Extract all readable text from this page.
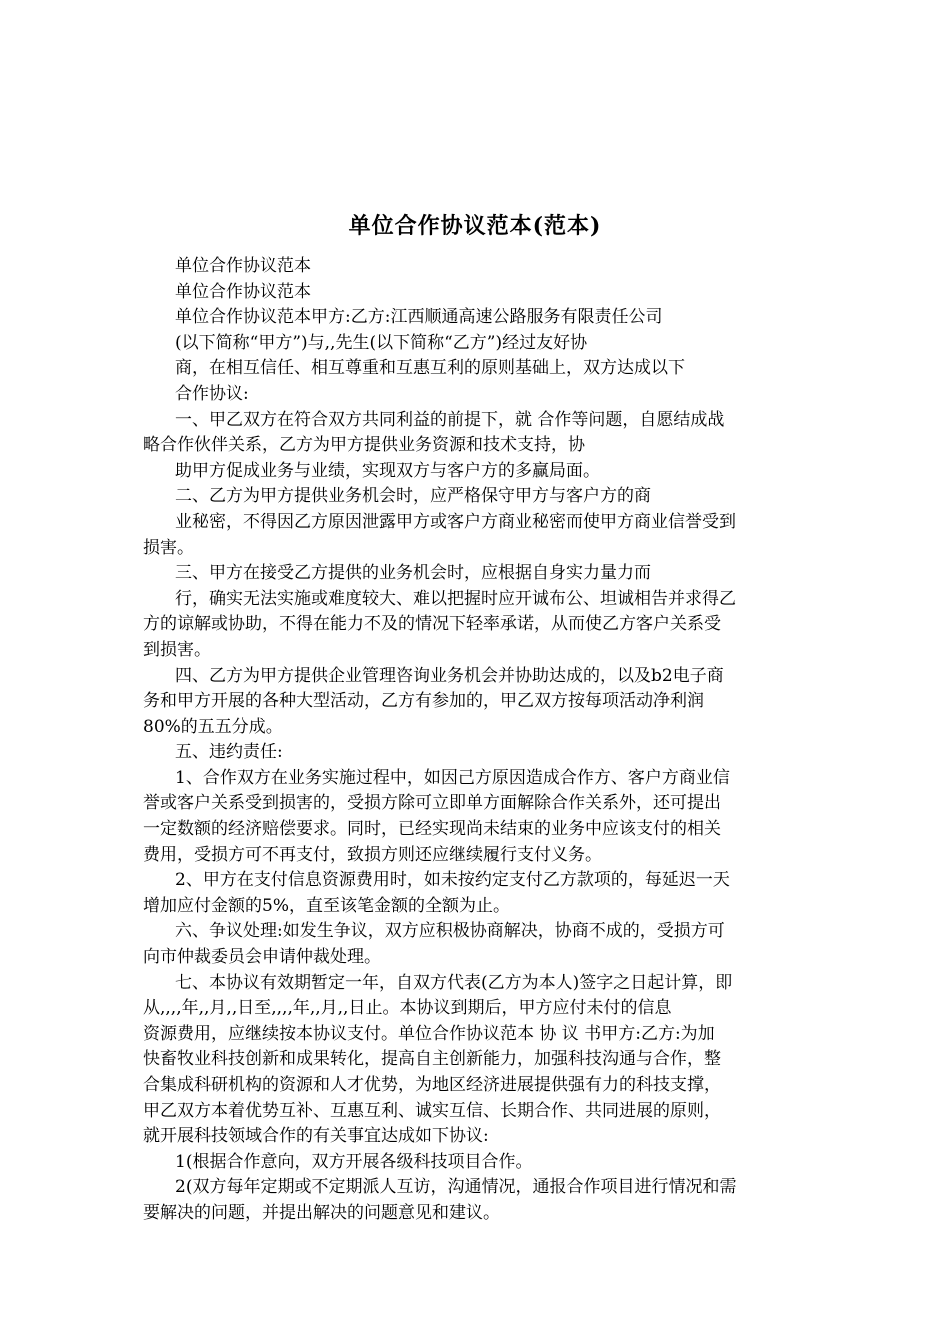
单位合作协议范本(范本)
单位合作协议范本
单位合作协议范本
单位合作协议范本甲方:乙方:江西顺通高速公路服务有限责任公司
(以下简称“甲方”)与,,先生(以下简称“乙方”)经过友好协
商，在相互信任、相互尊重和互惠互利的原则基础上，双方达成以下
合作协议:
一、甲乙双方在符合双方共同利益的前提下，就 合作等问题，自愿结成战
略合作伙伴关系，乙方为甲方提供业务资源和技术支持，协
助甲方促成业务与业绩，实现双方与客户方的多赢局面。
二、乙方为甲方提供业务机会时，应严格保守甲方与客户方的商
业秘密，不得因乙方原因泄露甲方或客户方商业秘密而使甲方商业信誉受到
损害。
三、甲方在接受乙方提供的业务机会时，应根据自身实力量力而
行，确实无法实施或难度较大、难以把握时应开诚布公、坦诚相告并求得乙
方的谅解或协助，不得在能力不及的情况下轻率承诺，从而使乙方客户关系受
到损害。
四、乙方为甲方提供企业管理咨询业务机会并协助达成的，以及b2电子商
务和甲方开展的各种大型活动，乙方有参加的，甲乙双方按每项活动净利润
80%的五五分成。
五、违约责任:
1、合作双方在业务实施过程中，如因己方原因造成合作方、客户方商业信
誉或客户关系受到损害的，受损方除可立即单方面解除合作关系外，还可提出
一定数额的经济赔偿要求。同时，已经实现尚未结束的业务中应该支付的相关
费用，受损方可不再支付，致损方则还应继续履行支付义务。
2、甲方在支付信息资源费用时，如未按约定支付乙方款项的，每延迟一天
增加应付金额的5%，直至该笔金额的全额为止。
六、争议处理:如发生争议，双方应积极协商解决，协商不成的，受损方可
向市仲裁委员会申请仲裁处理。
七、本协议有效期暂定一年，自双方代表(乙方为本人)签字之日起计算，即
从,,,,年,,月,,日至,,,,年,,月,,日止。本协议到期后，甲方应付未付的信息
资源费用，应继续按本协议支付。单位合作协议范本 协 议 书甲方:乙方:为加
快畜牧业科技创新和成果转化，提高自主创新能力，加强科技沟通与合作，整
合集成科研机构的资源和人才优势，为地区经济进展提供强有力的科技支撑，
甲乙双方本着优势互补、互惠互利、诚实互信、长期合作、共同进展的原则，
就开展科技领域合作的有关事宜达成如下协议:
1(根据合作意向，双方开展各级科技项目合作。
2(双方每年定期或不定期派人互访，沟通情况，通报合作项目进行情况和需
要解决的问题，并提出解决的问题意见和建议。
